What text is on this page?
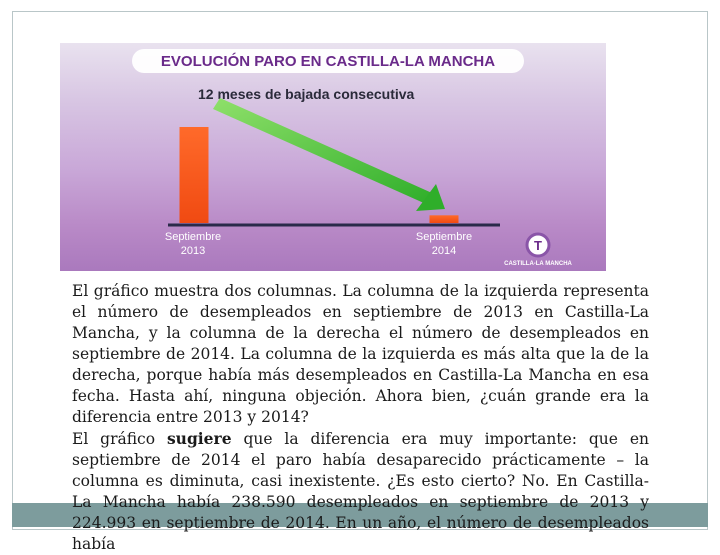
EVOLUCIÓN PARO EN CASTILLA-LA MANCHA
12 meses de bajada consecutiva
Septiembre
2013
Septiembre
2014	T
CASTILLA-LA MANCHA

El gráfico muestra dos columnas. La columna de la izquierda representa el número de desempleados en septiembre de 2013 en Castilla-La Mancha, y la columna de la derecha el número de desempleados en septiembre de 2014. La columna de la izquierda es más alta que la de la derecha, porque había más desempleados en Castilla-La Mancha en esa fecha. Hasta ahí, ninguna objeción. Ahora bien, ¿cuán grande era la diferencia entre 2013 y 2014?

El gráfico sugiere que la diferencia era muy importante: que en septiembre de 2014 el paro había desaparecido prácticamente – la columna es diminuta, casi inexistente. ¿Es esto cierto? No. En Castilla-La Mancha había 238.590 desempleados en septiembre de 2013 y 224.993 en septiembre de 2014. En un año, el número de desempleados había
